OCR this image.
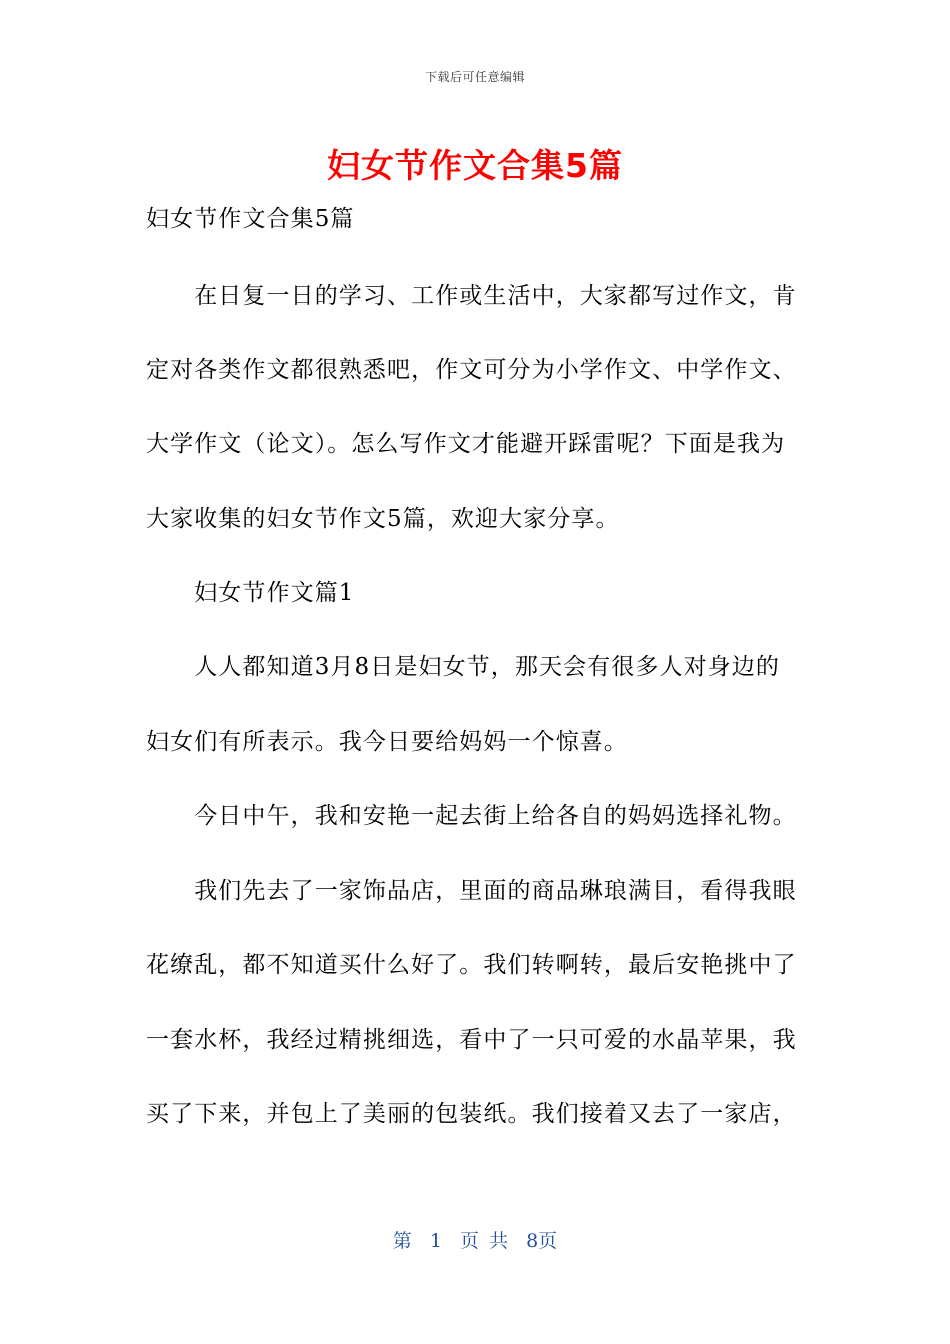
下载后可任意编辑
妇女节作文合集5篇
妇女节作文合集5篇
　　在日复一日的学习、工作或生活中，大家都写过作文，肯
定对各类作文都很熟悉吧，作文可分为小学作文、中学作文、
大学作文（论文）。怎么写作文才能避开踩雷呢？下面是我为
大家收集的妇女节作文5篇，欢迎大家分享。
　　妇女节作文篇1
　　人人都知道3月8日是妇女节，那天会有很多人对身边的
妇女们有所表示。我今日要给妈妈一个惊喜。
　　今日中午，我和安艳一起去街上给各自的妈妈选择礼物。
　　我们先去了一家饰品店，里面的商品琳琅满目，看得我眼
花缭乱，都不知道买什么好了。我们转啊转，最后安艳挑中了
一套水杯，我经过精挑细选，看中了一只可爱的水晶苹果，我
买了下来，并包上了美丽的包装纸。我们接着又去了一家店，
第 1 页 共 8页
